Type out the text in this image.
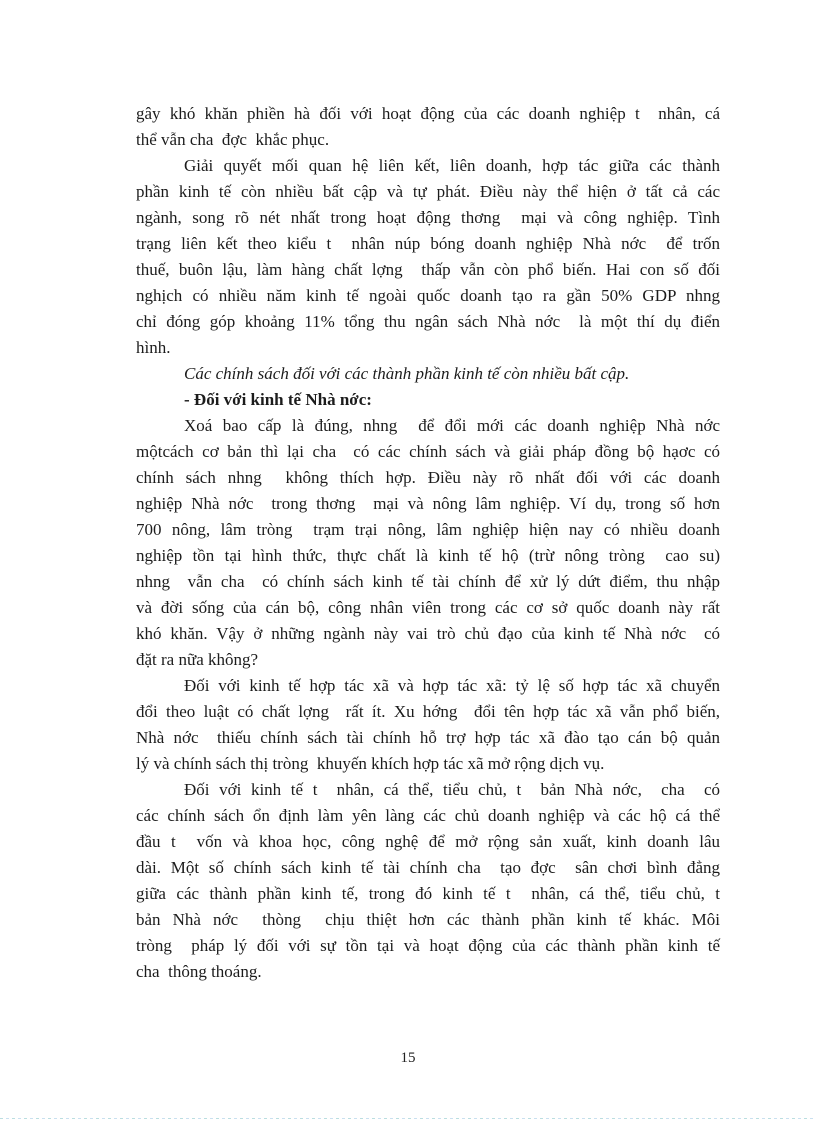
gây khó khăn phiền hà đối với hoạt động của các doanh nghiệp t  nhân, cá
thể vẫn cha  đợc  khắc phục.
Giải quyết mối quan hệ liên kết, liên doanh, hợp tác giữa các thành
phần kinh tế còn nhiều bất cập và tự phát. Điều này thể hiện ở tất cả các
ngành, song rõ nét nhất trong hoạt động thơng  mại và công nghiệp. Tình
trạng liên kết theo kiểu t  nhân núp bóng doanh nghiệp Nhà nớc  để trốn
thuế, buôn lậu, làm hàng chất lợng  thấp vẫn còn phổ biến. Hai con số đối
nghịch có nhiều năm kinh tế ngoài quốc doanh tạo ra gần 50% GDP nhng
chỉ đóng góp khoảng 11% tổng thu ngân sách Nhà nớc  là một thí dụ điển
hình.
Các chính sách đối với các thành phần kinh tế còn nhiều bất cập.
- Đối với kinh tế Nhà nớc:
Xoá bao cấp là đúng, nhng  để đổi mới các doanh nghiệp Nhà nớc
mộtcách cơ bản thì lại cha  có các chính sách và giải pháp đồng bộ hạơc có
chính sách nhng  không thích hợp. Điều này rõ nhất đối với các doanh
nghiệp Nhà nớc  trong thơng  mại và nông lâm nghiệp. Ví dụ, trong số hơn
700 nông, lâm tròng  trạm trại nông, lâm nghiệp hiện nay có nhiều doanh
nghiệp tồn tại hình thức, thực chất là kinh tế hộ (trừ nông tròng  cao su)
nhng  vẫn cha  có chính sách kinh tế tài chính để xử lý dứt điểm, thu nhập
và đời sống của cán bộ, công nhân viên trong các cơ sở quốc doanh này rất
khó khăn. Vậy ở những ngành này vai trò chủ đạo của kinh tế Nhà nớc  có
đặt ra nữa không?
Đối với kinh tế hợp tác xã và hợp tác xã: tỷ lệ số hợp tác xã chuyển
đổi theo luật có chất lợng  rất ít. Xu hớng  đổi tên hợp tác xã vẫn phổ biến,
Nhà nớc  thiếu chính sách tài chính hỗ trợ hợp tác xã đào tạo cán bộ quản
lý và chính sách thị tròng  khuyến khích hợp tác xã mở rộng dịch vụ.
Đối với kinh tế t  nhân, cá thể, tiểu chủ, t  bản Nhà nớc,  cha  có
các chính sách ổn định làm yên làng các chủ doanh nghiệp và các hộ cá thể
đầu t  vốn và khoa học, công nghệ để mở rộng sản xuất, kinh doanh lâu
dài. Một số chính sách kinh tế tài chính cha  tạo đợc  sân chơi bình đẳng
giữa các thành phần kinh tế, trong đó kinh tế t  nhân, cá thể, tiểu chủ, t
bản Nhà nớc  thòng  chịu thiệt hơn các thành phần kinh tế khác. Môi
tròng  pháp lý đối với sự tồn tại và hoạt động của các thành phần kinh tế
cha  thông thoáng.
15
